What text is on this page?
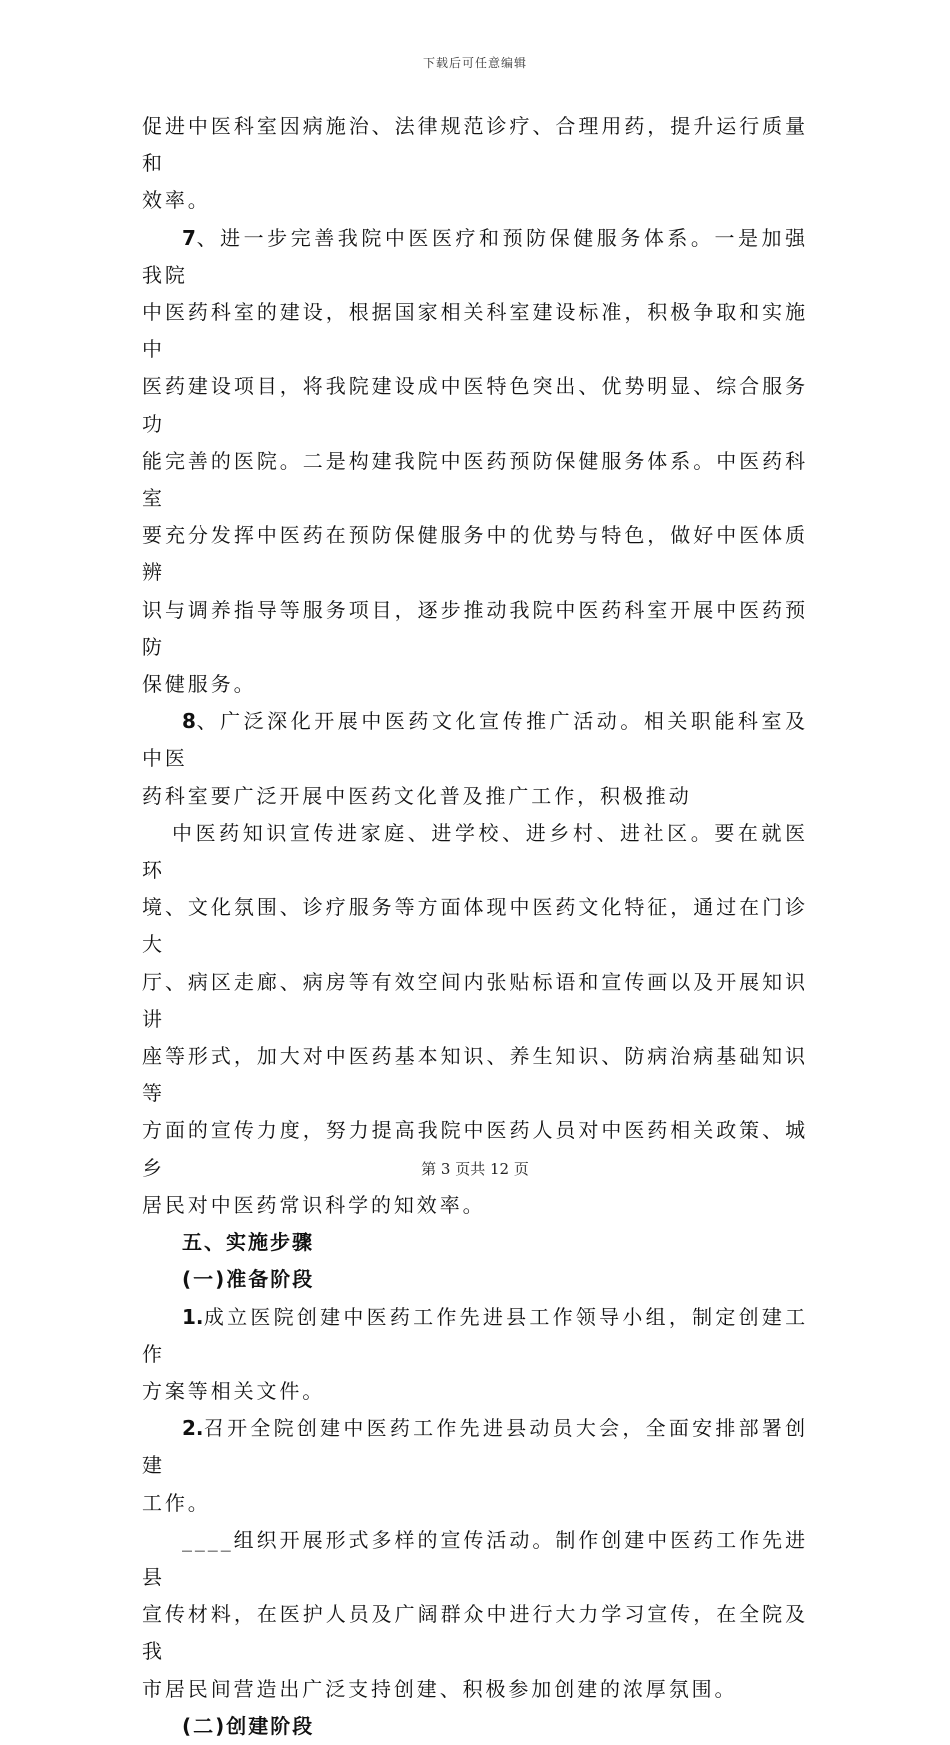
下载后可任意编辑

促进中医科室因病施治、法律规范诊疗、合理用药，提升运行质量和
效率。

7、进一步完善我院中医医疗和预防保健服务体系。一是加强我院
中医药科室的建设，根据国家相关科室建设标准，积极争取和实施中
医药建设项目，将我院建设成中医特色突出、优势明显、综合服务功
能完善的医院。二是构建我院中医药预防保健服务体系。中医药科室
要充分发挥中医药在预防保健服务中的优势与特色，做好中医体质辨
识与调养指导等服务项目，逐步推动我院中医药科室开展中医药预防
保健服务。

8、广泛深化开展中医药文化宣传推广活动。相关职能科室及中医
药科室要广泛开展中医药文化普及推广工作，积极推动

中医药知识宣传进家庭、进学校、进乡村、进社区。要在就医环
境、文化氛围、诊疗服务等方面体现中医药文化特征，通过在门诊大
厅、病区走廊、病房等有效空间内张贴标语和宣传画以及开展知识讲
座等形式，加大对中医药基本知识、养生知识、防病治病基础知识等
方面的宣传力度，努力提高我院中医药人员对中医药相关政策、城乡
居民对中医药常识科学的知效率。

五、实施步骤

(一)准备阶段

1.成立医院创建中医药工作先进县工作领导小组，制定创建工作
方案等相关文件。

2.召开全院创建中医药工作先进县动员大会，全面安排部署创建
工作。

____组织开展形式多样的宣传活动。制作创建中医药工作先进县
宣传材料，在医护人员及广阔群众中进行大力学习宣传，在全院及我
市居民间营造出广泛支持创建、积极参加创建的浓厚氛围。

(二)创建阶段

第 3 页共 12 页
